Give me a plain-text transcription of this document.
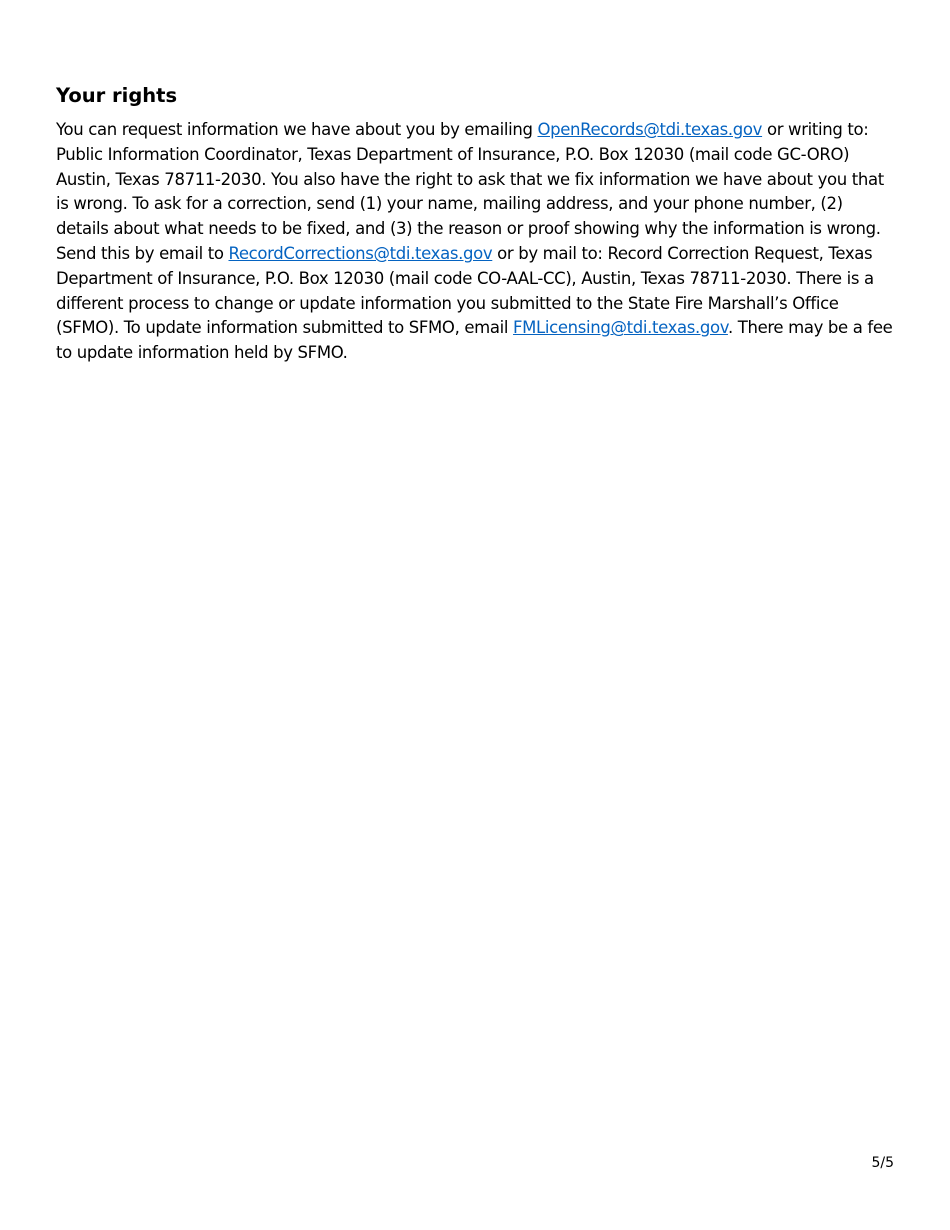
Your rights

You can request information we have about you by emailing OpenRecords@tdi.texas.gov or writing to: Public Information Coordinator, Texas Department of Insurance, P.O. Box 12030 (mail code GC-ORO) Austin, Texas 78711-2030. You also have the right to ask that we fix information we have about you that is wrong. To ask for a correction, send (1) your name, mailing address, and your phone number, (2) details about what needs to be fixed, and (3) the reason or proof showing why the information is wrong. Send this by email to RecordCorrections@tdi.texas.gov or by mail to: Record Correction Request, Texas Department of Insurance, P.O. Box 12030 (mail code CO-AAL-CC), Austin, Texas 78711-2030. There is a different process to change or update information you submitted to the State Fire Marshall’s Office (SFMO). To update information submitted to SFMO, email FMLicensing@tdi.texas.gov. There may be a fee to update information held by SFMO.

5/5
